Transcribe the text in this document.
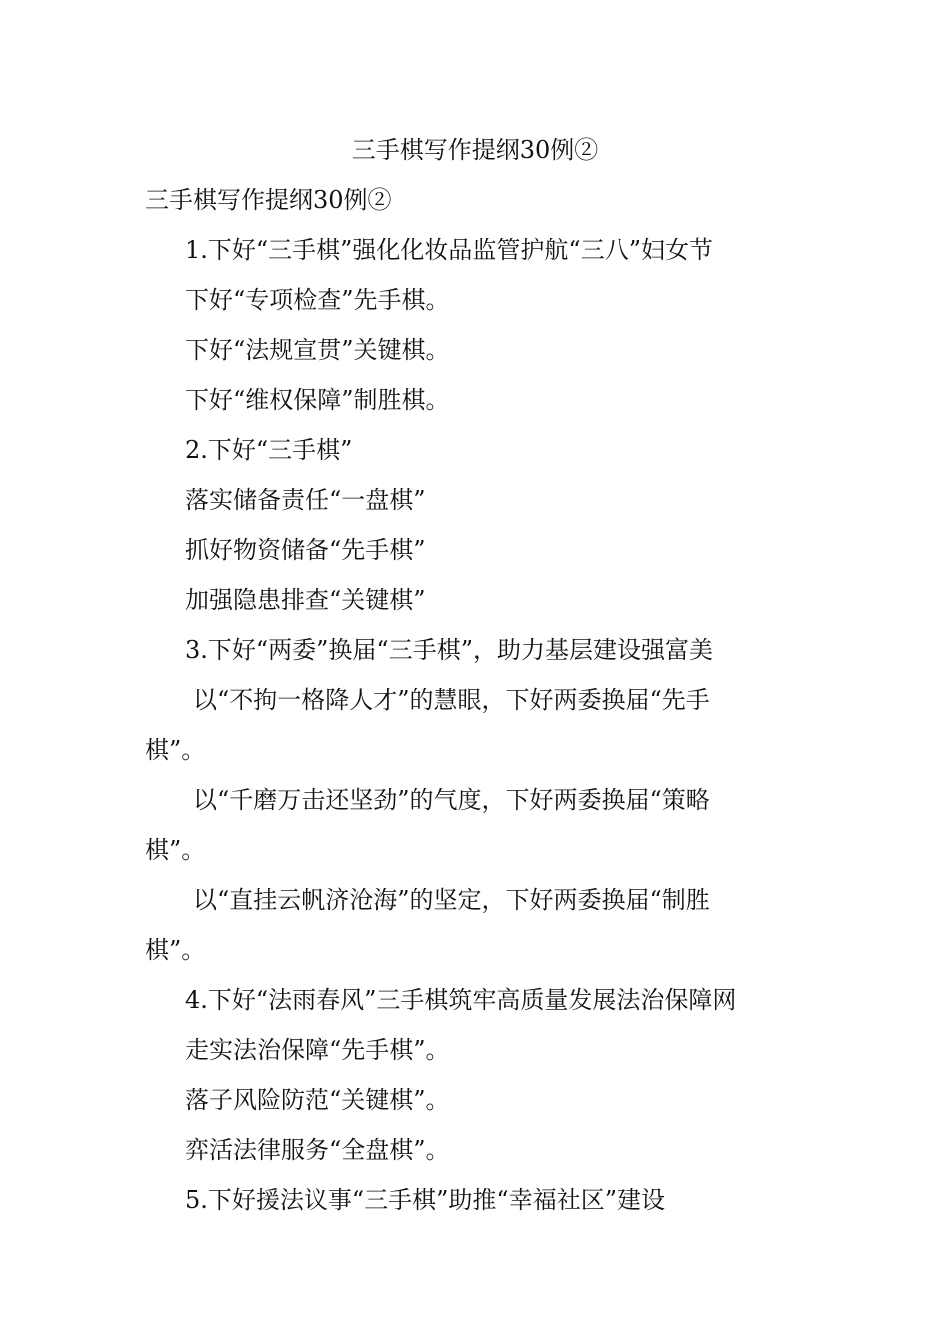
三手棋写作提纲30例②
三手棋写作提纲30例②
1.下好“三手棋”强化化妆品监管护航“三八”妇女节
下好“专项检查”先手棋。
下好“法规宣贯”关键棋。
下好“维权保障”制胜棋。
2.下好“三手棋”
落实储备责任“一盘棋”
抓好物资储备“先手棋”
加强隐患排查“关键棋”
3.下好“两委”换届“三手棋”，助力基层建设强富美
以“不拘一格降人才”的慧眼，下好两委换届“先手
棋”。
以“千磨万击还坚劲”的气度，下好两委换届“策略
棋”。
以“直挂云帆济沧海”的坚定，下好两委换届“制胜
棋”。
4.下好“法雨春风”三手棋筑牢高质量发展法治保障网
走实法治保障“先手棋”。
落子风险防范“关键棋”。
弈活法律服务“全盘棋”。
5.下好援法议事“三手棋”助推“幸福社区”建设
